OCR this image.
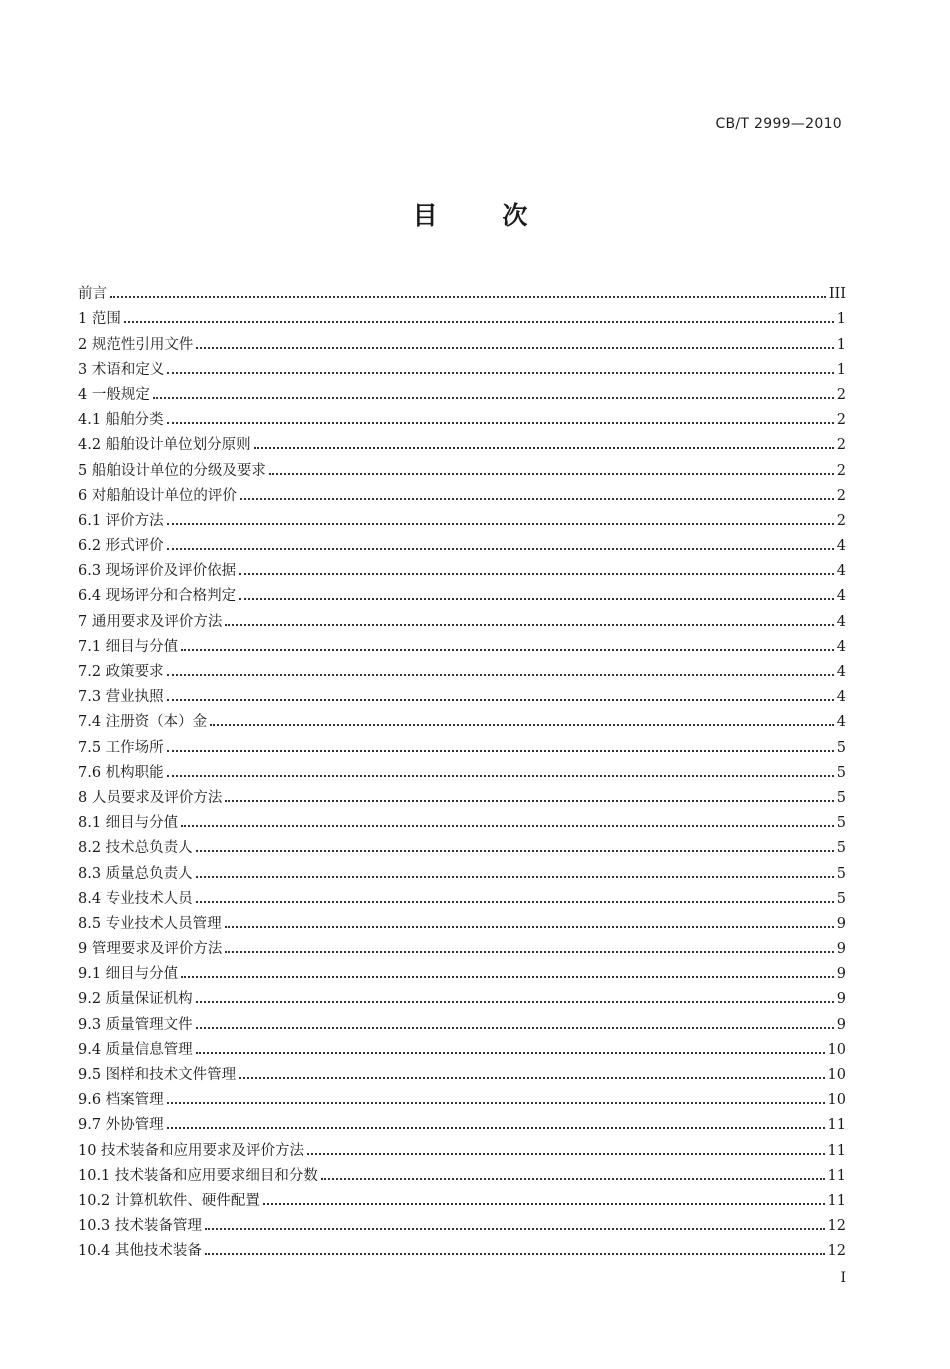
CB/T 2999—2010
目 次
前言	III
1 范围	1
2 规范性引用文件	1
3 术语和定义	1
4 一般规定	2
4.1 船舶分类	2
4.2 船舶设计单位划分原则	2
5 船舶设计单位的分级及要求	2
6 对船舶设计单位的评价	2
6.1 评价方法	2
6.2 形式评价	4
6.3 现场评价及评价依据	4
6.4 现场评分和合格判定	4
7 通用要求及评价方法	4
7.1 细目与分值	4
7.2 政策要求	4
7.3 营业执照	4
7.4 注册资（本）金	4
7.5 工作场所	5
7.6 机构职能	5
8 人员要求及评价方法	5
8.1 细目与分值	5
8.2 技术总负责人	5
8.3 质量总负责人	5
8.4 专业技术人员	5
8.5 专业技术人员管理	9
9 管理要求及评价方法	9
9.1 细目与分值	9
9.2 质量保证机构	9
9.3 质量管理文件	9
9.4 质量信息管理	10
9.5 图样和技术文件管理	10
9.6 档案管理	10
9.7 外协管理	11
10 技术装备和应用要求及评价方法	11
10.1 技术装备和应用要求细目和分数	11
10.2 计算机软件、硬件配置	11
10.3 技术装备管理	12
10.4 其他技术装备	12
I
